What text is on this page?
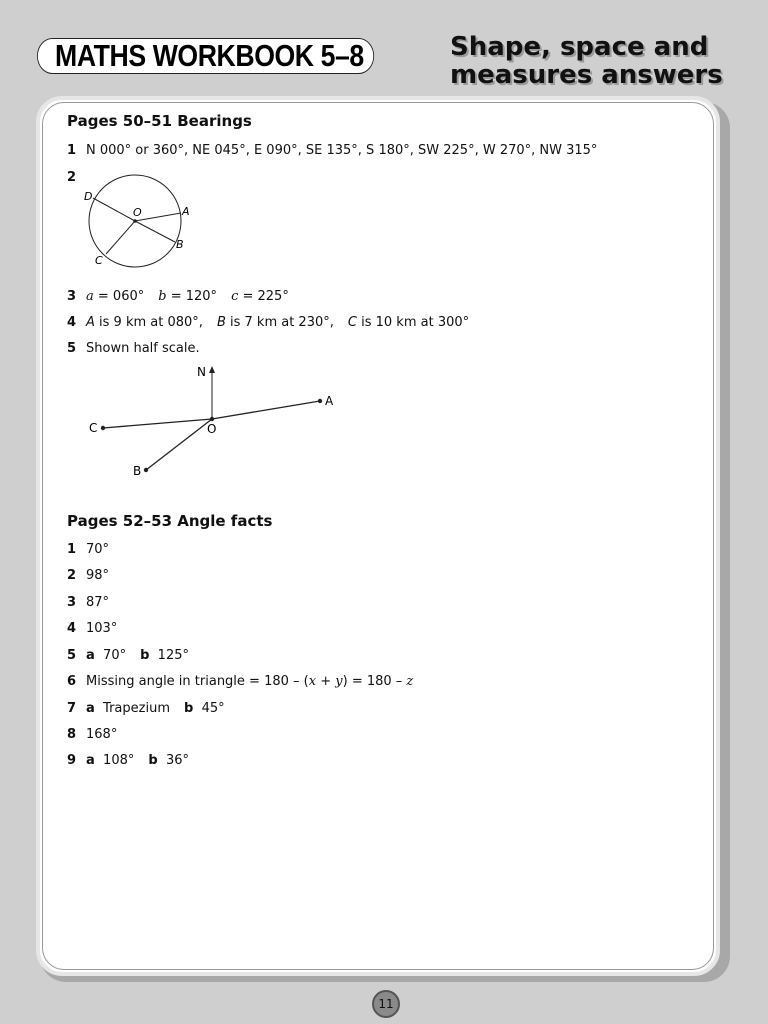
MATHS WORKBOOK 5–8	Shape, space and
measures answers
Pages 50–51 Bearings
1 N 000° or 360°, NE 045°, E 090°, SE 135°, S 180°, SW 225°, W 270°, NW 315°
2
D
O	A
B
C
3 a = 060° b = 120° c = 225°
4 A is 9 km at 080°, B is 7 km at 230°, C is 10 km at 300°
5 Shown half scale.
N
A
C	O
B
Pages 52–53 Angle facts
1 70°
2 98°
3 87°
4 103°
5 a 70° b 125°
6 Missing angle in triangle = 180 – (x + y) = 180 – z
7 a Trapezium b 45°
8 168°
9 a 108° b 36°
11
